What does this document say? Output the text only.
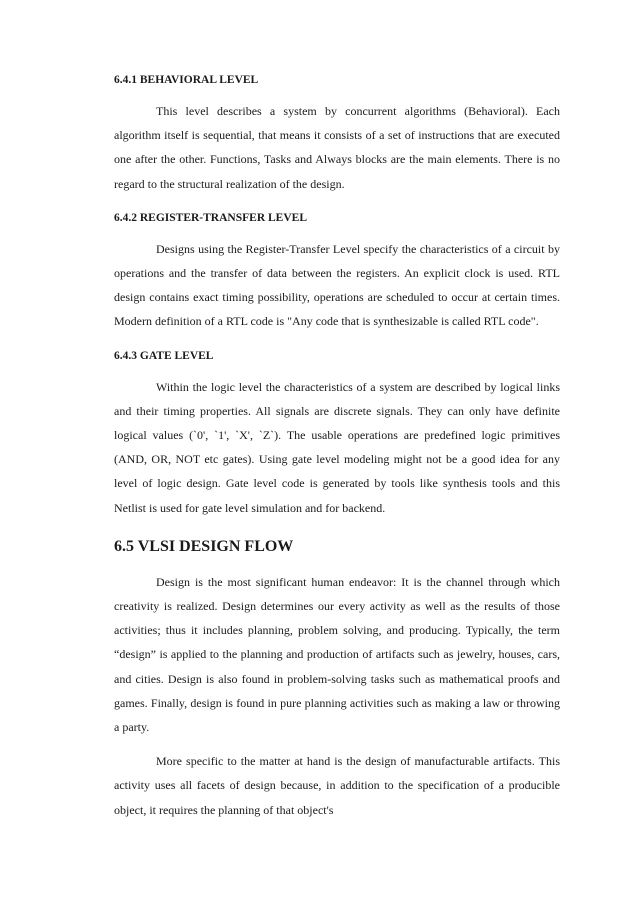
6.4.1 BEHAVIORAL LEVEL

This level describes a system by concurrent algorithms (Behavioral). Each algorithm itself is sequential, that means it consists of a set of instructions that are executed one after the other. Functions, Tasks and Always blocks are the main elements. There is no regard to the structural realization of the design.

6.4.2 REGISTER-TRANSFER LEVEL

Designs using the Register-Transfer Level specify the characteristics of a circuit by operations and the transfer of data between the registers. An explicit clock is used. RTL design contains exact timing possibility, operations are scheduled to occur at certain times. Modern definition of a RTL code is "Any code that is synthesizable is called RTL code".

6.4.3 GATE LEVEL

Within the logic level the characteristics of a system are described by logical links and their timing properties. All signals are discrete signals. They can only have definite logical values (`0', `1', `X', `Z`). The usable operations are predefined logic primitives (AND, OR, NOT etc gates). Using gate level modeling might not be a good idea for any level of logic design. Gate level code is generated by tools like synthesis tools and this Netlist is used for gate level simulation and for backend.

6.5 VLSI DESIGN FLOW

Design is the most significant human endeavor: It is the channel through which creativity is realized. Design determines our every activity as well as the results of those activities; thus it includes planning, problem solving, and producing. Typically, the term “design” is applied to the planning and production of artifacts such as jewelry, houses, cars, and cities. Design is also found in problem-solving tasks such as mathematical proofs and games. Finally, design is found in pure planning activities such as making a law or throwing a party.

More specific to the matter at hand is the design of manufacturable artifacts. This activity uses all facets of design because, in addition to the specification of a producible object, it requires the planning of that object's
